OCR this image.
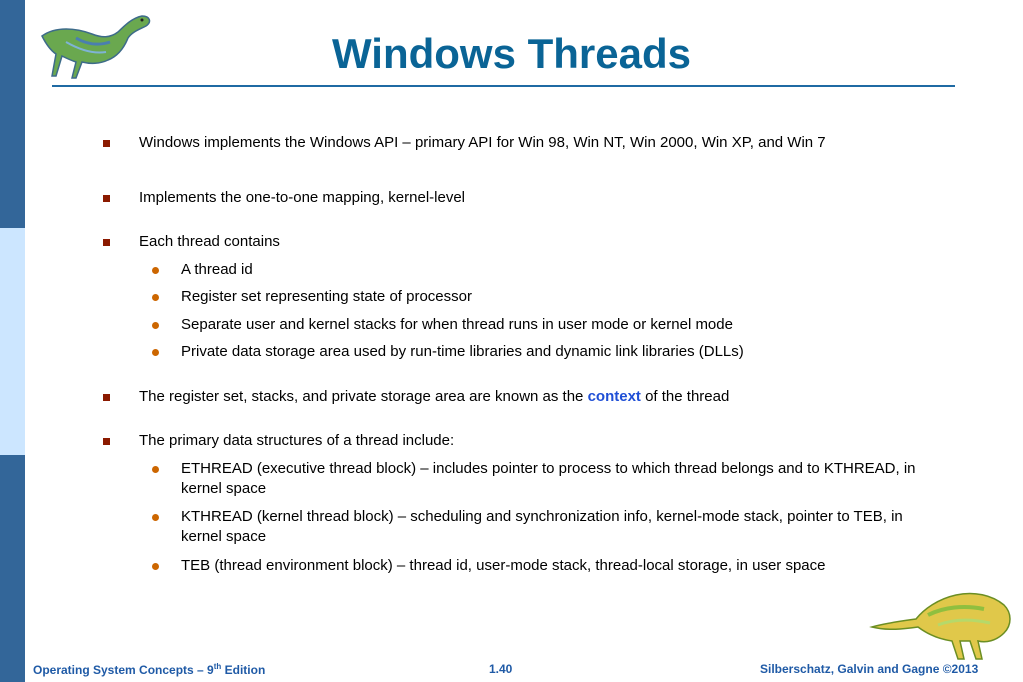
Windows Threads
Windows implements the Windows API – primary API for Win 98, Win NT, Win 2000, Win XP, and Win 7
Implements the one-to-one mapping, kernel-level
Each thread contains
A thread id
Register set representing state of processor
Separate user and kernel stacks for when thread runs in user mode or kernel mode
Private data storage area used by run-time libraries and dynamic link libraries (DLLs)
The register set, stacks, and private storage area are known as the context of the thread
The primary data structures of a thread include:
ETHREAD (executive thread block) – includes pointer to process to which thread belongs and to KTHREAD, in kernel space
KTHREAD (kernel thread block) – scheduling and synchronization info, kernel-mode stack, pointer to TEB, in kernel space
TEB (thread environment block) – thread id, user-mode stack, thread-local storage, in user space
Operating System Concepts – 9th Edition	1.40	Silberschatz, Galvin and Gagne ©2013
